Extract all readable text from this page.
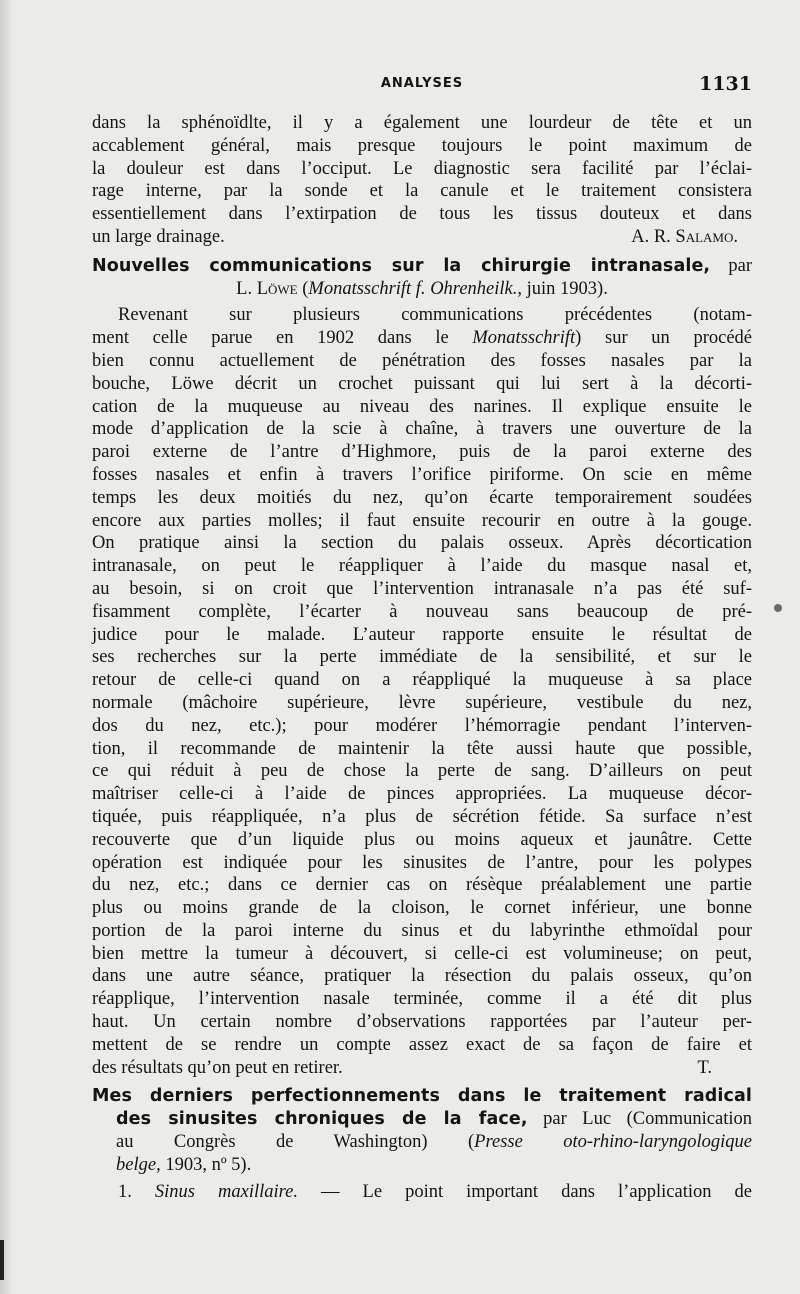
ANALYSES	1131
dans la sphénoïdlte, il y a également une lourdeur de tête et un
accablement général, mais presque toujours le point maximum de
la douleur est dans l’occiput. Le diagnostic sera facilité par l’éclai-
rage interne, par la sonde et la canule et le traitement consistera
essentiellement dans l’extirpation de tous les tissus douteux et dans
un large drainage.	A. R. Salamo.
Nouvelles communications sur la chirurgie intranasale, par
L. Löwe (Monatsschrift f. Ohrenheilk., juin 1903).
Revenant sur plusieurs communications précédentes (notam-
ment celle parue en 1902 dans le Monatsschrift) sur un procédé
bien connu actuellement de pénétration des fosses nasales par la
bouche, Löwe décrit un crochet puissant qui lui sert à la décorti-
cation de la muqueuse au niveau des narines. Il explique ensuite le
mode d’application de la scie à chaîne, à travers une ouverture de la
paroi externe de l’antre d’Highmore, puis de la paroi externe des
fosses nasales et enfin à travers l’orifice piriforme. On scie en même
temps les deux moitiés du nez, qu’on écarte temporairement soudées
encore aux parties molles; il faut ensuite recourir en outre à la gouge.
On pratique ainsi la section du palais osseux. Après décortication
intranasale, on peut le réappliquer à l’aide du masque nasal et,
au besoin, si on croit que l’intervention intranasale n’a pas été suf-
fisamment complète, l’écarter à nouveau sans beaucoup de pré-
judice pour le malade. L’auteur rapporte ensuite le résultat de
ses recherches sur la perte immédiate de la sensibilité, et sur le
retour de celle-ci quand on a réappliqué la muqueuse à sa place
normale (mâchoire supérieure, lèvre supérieure, vestibule du nez,
dos du nez, etc.); pour modérer l’hémorragie pendant l’interven-
tion, il recommande de maintenir la tête aussi haute que possible,
ce qui réduit à peu de chose la perte de sang. D’ailleurs on peut
maîtriser celle-ci à l’aide de pinces appropriées. La muqueuse décor-
tiquée, puis réappliquée, n’a plus de sécrétion fétide. Sa surface n’est
recouverte que d’un liquide plus ou moins aqueux et jaunâtre. Cette
opération est indiquée pour les sinusites de l’antre, pour les polypes
du nez, etc.; dans ce dernier cas on résèque préalablement une partie
plus ou moins grande de la cloison, le cornet inférieur, une bonne
portion de la paroi interne du sinus et du labyrinthe ethmoïdal pour
bien mettre la tumeur à découvert, si celle-ci est volumineuse; on peut,
dans une autre séance, pratiquer la résection du palais osseux, qu’on
réapplique, l’intervention nasale terminée, comme il a été dit plus
haut. Un certain nombre d’observations rapportées par l’auteur per-
mettent de se rendre un compte assez exact de sa façon de faire et
des résultats qu’on peut en retirer.	T.
Mes derniers perfectionnements dans le traitement radical
des sinusites chroniques de la face, par Luc (Communication
au Congrès de Washington) (Presse oto-rhino-laryngologique
belge, 1903, nº 5).
1. Sinus maxillaire. — Le point important dans l’application de
